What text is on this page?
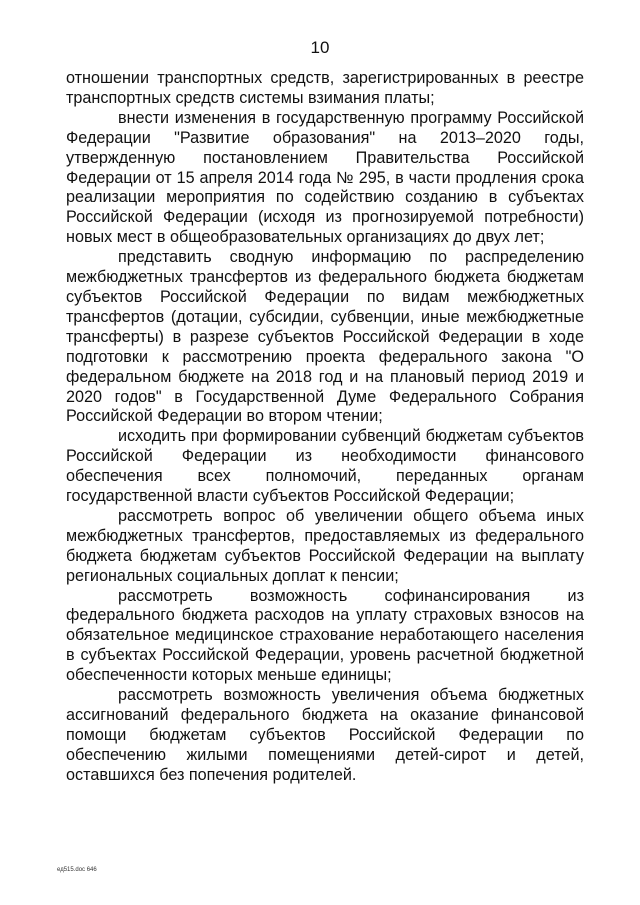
10

отношении транспортных средств, зарегистрированных в реестре транспортных средств системы взимания платы;

внести изменения в государственную программу Российской Федерации "Развитие образования" на 2013–2020 годы, утвержденную постановлением Правительства Российской Федерации от 15 апреля 2014 года № 295, в части продления срока реализации мероприятия по содействию созданию в субъектах Российской Федерации (исходя из прогнозируемой потребности) новых мест в общеобразовательных организациях до двух лет;

представить сводную информацию по распределению межбюджетных трансфертов из федерального бюджета бюджетам субъектов Российской Федерации по видам межбюджетных трансфертов (дотации, субсидии, субвенции, иные межбюджетные трансферты) в разрезе субъектов Российской Федерации в ходе подготовки к рассмотрению проекта федерального закона "О федеральном бюджете на 2018 год и на плановый период 2019 и 2020 годов" в Государственной Думе Федерального Собрания Российской Федерации во втором чтении;

исходить при формировании субвенций бюджетам субъектов Российской Федерации из необходимости финансового обеспечения всех полномочий, переданных органам государственной власти субъектов Российской Федерации;

рассмотреть вопрос об увеличении общего объема иных межбюджетных трансфертов, предоставляемых из федерального бюджета бюджетам субъектов Российской Федерации на выплату региональных социальных доплат к пенсии;

рассмотреть возможность софинансирования из федерального бюджета расходов на уплату страховых взносов на обязательное медицинское страхование неработающего населения в субъектах Российской Федерации, уровень расчетной бюджетной обеспеченности которых меньше единицы;

рассмотреть возможность увеличения объема бюджетных ассигнований федерального бюджета на оказание финансовой помощи бюджетам субъектов Российской Федерации по обеспечению жилыми помещениями детей-сирот и детей, оставшихся без попечения родителей.

ед515.doc 646
